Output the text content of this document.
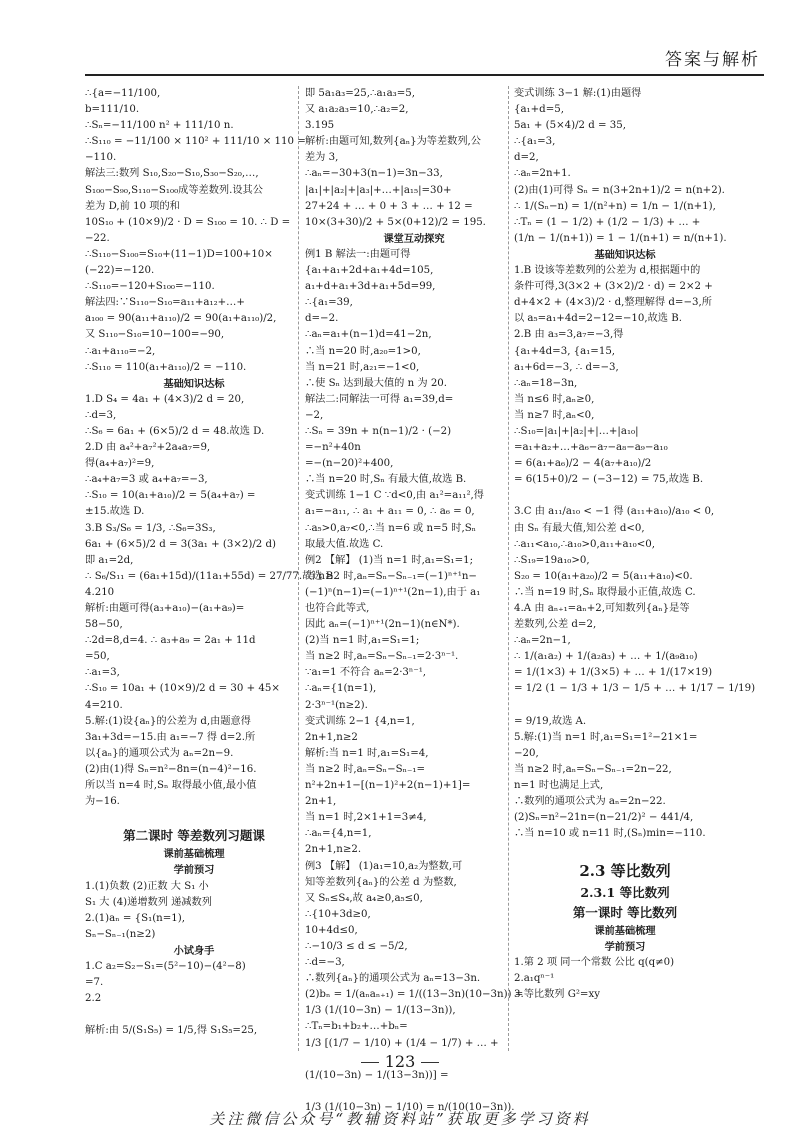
答案与解析
∴{a=−11/100,
b=111/10.
∴Sₙ=−11/100 n² + 111/10 n.
∴S₁₁₀ = −11/100 × 110² + 111/10 × 110 =
−110.
解法三:数列 S₁₀,S₂₀−S₁₀,S₃₀−S₂₀,…,
S₁₀₀−S₉₀,S₁₁₀−S₁₀₀成等差数列.设其公
差为 D,前 10 项的和
10S₁₀ + (10×9)/2 · D = S₁₀₀ = 10. ∴ D =
−22.
∴S₁₁₀−S₁₀₀=S₁₀+(11−1)D=100+10×
(−22)=−120.
∴S₁₁₀=−120+S₁₀₀=−110.
解法四:∵S₁₁₀−S₁₀=a₁₁+a₁₂+…+
a₁₀₀ = 90(a₁₁+a₁₁₀)/2 = 90(a₁+a₁₁₀)/2,
又 S₁₁₀−S₁₀=10−100=−90,
∴a₁+a₁₁₀=−2,
∴S₁₁₀ = 110(a₁+a₁₁₀)/2 = −110.
基础知识达标
1.D S₄ = 4a₁ + (4×3)/2 d = 20,
∴d=3,
∴S₆ = 6a₁ + (6×5)/2 d = 48.故选 D.
2.D 由 a₄²+a₇²+2a₄a₇=9,
得(a₄+a₇)²=9,
∴a₄+a₇=3 或 a₄+a₇=−3,
∴S₁₀ = 10(a₁+a₁₀)/2 = 5(a₄+a₇) =
±15.故选 D.
3.B S₃/S₆ = 1/3, ∴S₆=3S₃,
6a₁ + (6×5)/2 d = 3(3a₁ + (3×2)/2 d)
即 a₁=2d,
∴ S₆/S₁₁ = (6a₁+15d)/(11a₁+55d) = 27/77.故选 B.
4.210
解析:由题可得(a₃+a₁₀)−(a₁+a₉)=
58−50,
∴2d=8,d=4. ∴ a₃+a₉ = 2a₁ + 11d
=50,
∴a₁=3,
∴S₁₀ = 10a₁ + (10×9)/2 d = 30 + 45×
4=210.
5.解:(1)设{aₙ}的公差为 d,由题意得
3a₁+3d=−15.由 a₁=−7 得 d=2.所
以{aₙ}的通项公式为 aₙ=2n−9.
(2)由(1)得 Sₙ=n²−8n=(n−4)²−16.
所以当 n=4 时,Sₙ 取得最小值,最小值
为−16.

第二课时 等差数列习题课
课前基础梳理
学前预习
1.(1)负数 (2)正数 大 S₁ 小
S₁ 大 (4)递增数列 递减数列
2.(1)aₙ = {S₁(n=1),
Sₙ−Sₙ₋₁(n≥2)
小试身手
1.C a₂=S₂−S₁=(5²−10)−(4²−8)
=7.
2.2

解析:由 5/(S₁S₅) = 1/5,得 S₁S₅=25,
即 5a₁a₃=25,∴a₁a₃=5,
又 a₁a₂a₃=10,∴a₂=2,
3.195
解析:由题可知,数列{aₙ}为等差数列,公
差为 3,
∴aₙ=−30+3(n−1)=3n−33,
|a₁|+|a₂|+|a₃|+…+|a₁₅|=30+
27+24 + … + 0 + 3 + … + 12 =
10×(3+30)/2 + 5×(0+12)/2 = 195.
课堂互动探究
例1 B 解法一:由题可得
{a₁+a₁+2d+a₁+4d=105,
a₁+d+a₁+3d+a₁+5d=99,
∴{a₁=39,
d=−2.
∴aₙ=a₁+(n−1)d=41−2n,
∴当 n=20 时,a₂₀=1>0,
当 n=21 时,a₂₁=−1<0,
∴使 Sₙ 达到最大值的 n 为 20.
解法二:同解法一可得 a₁=39,d=
−2,
∴Sₙ = 39n + n(n−1)/2 · (−2)
=−n²+40n
=−(n−20)²+400,
∴当 n=20 时,Sₙ 有最大值,故选 B.
变式训练 1−1 C ∵d<0,由 a₁²=a₁₁²,得
a₁=−a₁₁, ∴ a₁ + a₁₁ = 0, ∴ a₆ = 0,
∴a₅>0,a₇<0,∴当 n=6 或 n=5 时,Sₙ
取最大值.故选 C.
例2 【解】 (1)当 n=1 时,a₁=S₁=1;
当 n≥2 时,aₙ=Sₙ−Sₙ₋₁=(−1)ⁿ⁺¹n−
(−1)ⁿ(n−1)=(−1)ⁿ⁺¹(2n−1),由于 a₁
也符合此等式,
因此 aₙ=(−1)ⁿ⁺¹(2n−1)(n∈N*).
(2)当 n=1 时,a₁=S₁=1;
当 n≥2 时,aₙ=Sₙ−Sₙ₋₁=2·3ⁿ⁻¹.
∵a₁=1 不符合 aₙ=2·3ⁿ⁻¹,
∴aₙ={1(n=1),
2·3ⁿ⁻¹(n≥2).
变式训练 2−1 {4,n=1,
2n+1,n≥2
解析:当 n=1 时,a₁=S₁=4,
当 n≥2 时,aₙ=Sₙ−Sₙ₋₁=
n²+2n+1−[(n−1)²+2(n−1)+1]=
2n+1,
当 n=1 时,2×1+1=3≠4,
∴aₙ={4,n=1,
2n+1,n≥2.
例3 【解】 (1)a₁=10,a₂为整数,可
知等差数列{aₙ}的公差 d 为整数,
又 Sₙ≤S₄,故 a₄≥0,a₅≤0,
∴{10+3d≥0,
10+4d≤0,
∴−10/3 ≤ d ≤ −5/2,
∴d=−3,
∴数列{aₙ}的通项公式为 aₙ=13−3n.
(2)bₙ = 1/(aₙaₙ₊₁) = 1/((13−3n)(10−3n)) =
1/3 (1/(10−3n) − 1/(13−3n)),
∴Tₙ=b₁+b₂+…+bₙ=
1/3 [(1/7 − 1/10) + (1/4 − 1/7) + … +

(1/(10−3n) − 1/(13−3n))] =

1/3 (1/(10−3n) − 1/10) = n/(10(10−3n)).
变式训练 3−1 解:(1)由题得
{a₁+d=5,
5a₁ + (5×4)/2 d = 35,
∴{a₁=3,
d=2,
∴aₙ=2n+1.
(2)由(1)可得 Sₙ = n(3+2n+1)/2 = n(n+2).
∴ 1/(Sₙ−n) = 1/(n²+n) = 1/n − 1/(n+1),
∴Tₙ = (1 − 1/2) + (1/2 − 1/3) + … +
(1/n − 1/(n+1)) = 1 − 1/(n+1) = n/(n+1).
基础知识达标
1.B 设该等差数列的公差为 d,根据题中的
条件可得,3(3×2 + (3×2)/2 · d) = 2×2 +
d+4×2 + (4×3)/2 · d,整理解得 d=−3,所
以 a₅=a₁+4d=2−12=−10,故选 B.
2.B 由 a₃=3,a₇=−3,得
{a₁+4d=3, {a₁=15,
a₁+6d=−3, ∴ d=−3,
∴aₙ=18−3n,
当 n≤6 时,aₙ≥0,
当 n≥7 时,aₙ<0,
∴S₁₀=|a₁|+|a₂|+|…+|a₁₀|
=a₁+a₂+…+a₆−a₇−a₈−a₉−a₁₀
= 6(a₁+a₆)/2 − 4(a₇+a₁₀)/2
= 6(15+0)/2 − (−3−12) = 75,故选 B.

3.C 由 a₁₁/a₁₀ < −1 得 (a₁₁+a₁₀)/a₁₀ < 0,
由 Sₙ 有最大值,知公差 d<0,
∴a₁₁<a₁₀,∴a₁₀>0,a₁₁+a₁₀<0,
∴S₁₉=19a₁₀>0,
S₂₀ = 10(a₁+a₂₀)/2 = 5(a₁₁+a₁₀)<0.
∴当 n=19 时,Sₙ 取得最小正值,故选 C.
4.A 由 aₙ₊₁=aₙ+2,可知数列{aₙ}是等
差数列,公差 d=2,
∴aₙ=2n−1,
∴ 1/(a₁a₂) + 1/(a₂a₃) + … + 1/(a₉a₁₀)
= 1/(1×3) + 1/(3×5) + … + 1/(17×19)
= 1/2 (1 − 1/3 + 1/3 − 1/5 + … + 1/17 − 1/19)

= 9/19,故选 A.
5.解:(1)当 n=1 时,a₁=S₁=1²−21×1=
−20,
当 n≥2 时,aₙ=Sₙ−Sₙ₋₁=2n−22,
n=1 时也满足上式,
∴数列的通项公式为 aₙ=2n−22.
(2)Sₙ=n²−21n=(n−21/2)² − 441/4,
∴当 n=10 或 n=11 时,(Sₙ)min=−110.

2.3 等比数列
2.3.1 等比数列
第一课时 等比数列
课前基础梳理
学前预习
1.第 2 项 同一个常数 公比 q(q≠0)
2.a₁qⁿ⁻¹
3.等比数列 G²=xy
123
关注微信公众号“教辅资料站”获取更多学习资料
